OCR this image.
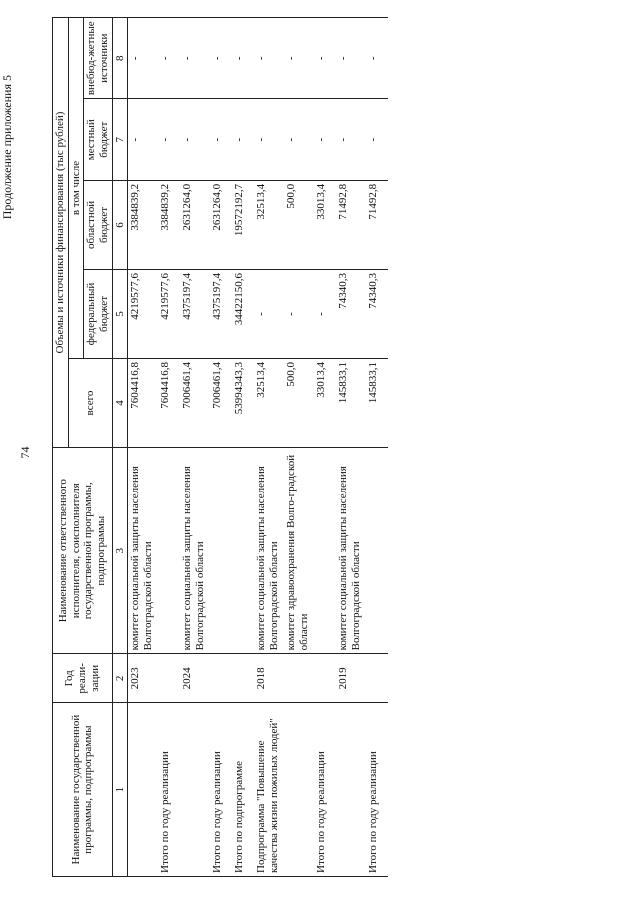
74
Продолжение приложения 5
Наименование государственной программы, подпрограммы	Год реали-зации	Наименование ответственного исполнителя, соисполнителя государственной программы, подпрограммы	Объемы и источники финансирования (тыс рублей)				
			всего	в том числе			
				федеральный бюджет	областной бюджет	местный бюджет	внебюд-жетные источники
1	2	3	4	5	6	7	8
	2023	комитет социальной защиты населения Волгоградской области	7604416,8	4219577,6	3384839,2	-	-
Итого по году реализации			7604416,8	4219577,6	3384839,2	-	-
	2024	комитет социальной защиты населения Волгоградской области	7006461,4	4375197,4	2631264,0	-	-
Итого по году реализации			7006461,4	4375197,4	2631264,0	-	-
Итого по подпрограмме			53994343,3	34422150,6	19572192,7	-	-
Подпрограмма "Повышение качества жизни пожилых людей"	2018	комитет социальной защиты населения Волгоградской области	32513,4	-	32513,4	-	-
		комитет здравоохранения Волго-градской области	500,0	-	500,0	-	-
Итого по году реализации			33013,4	-	33013,4	-	-
	2019	комитет социальной защиты населения Волгоградской области	145833,1	74340,3	71492,8	-	-
Итого по году реализации			145833,1	74340,3	71492,8	-	-
